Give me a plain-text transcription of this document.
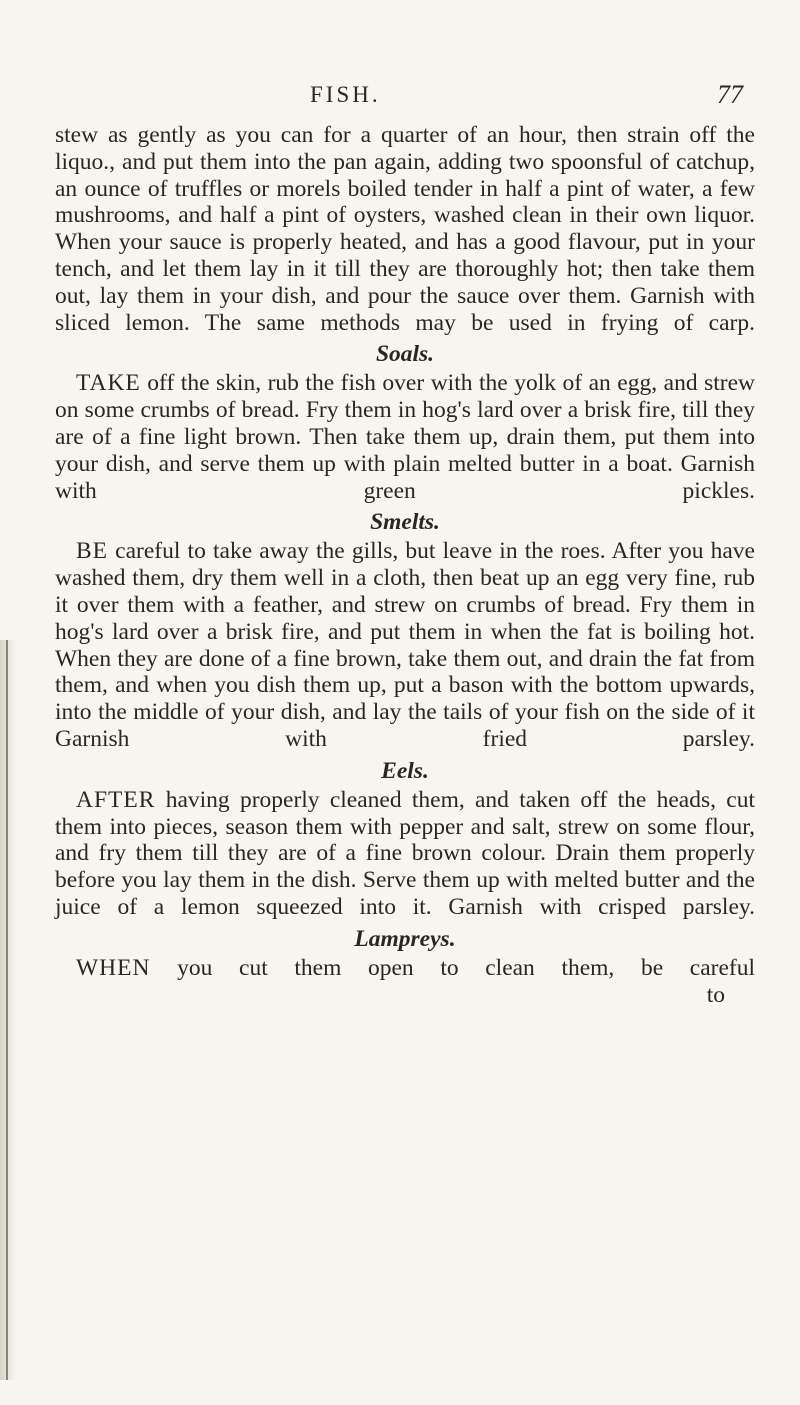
FISH.	77

stew as gently as you can for a quarter of an hour, then strain off the liquo., and put them into the pan again, adding two spoonsful of catchup, an ounce of truffles or morels boiled tender in half a pint of water, a few mushrooms, and half a pint of oysters, washed clean in their own liquor. When your sauce is properly heated, and has a good flavour, put in your tench, and let them lay in it till they are thoroughly hot; then take them out, lay them in your dish, and pour the sauce over them. Garnish with sliced lemon. The same methods may be used in frying of carp.

Soals.

TAKE off the skin, rub the fish over with the yolk of an egg, and strew on some crumbs of bread. Fry them in hog's lard over a brisk fire, till they are of a fine light brown. Then take them up, drain them, put them into your dish, and serve them up with plain melted butter in a boat. Garnish with green pickles.

Smelts.

BE careful to take away the gills, but leave in the roes. After you have washed them, dry them well in a cloth, then beat up an egg very fine, rub it over them with a feather, and strew on crumbs of bread. Fry them in hog's lard over a brisk fire, and put them in when the fat is boiling hot. When they are done of a fine brown, take them out, and drain the fat from them, and when you dish them up, put a bason with the bottom upwards, into the middle of your dish, and lay the tails of your fish on the side of it Garnish with fried parsley.

Eels.

AFTER having properly cleaned them, and taken off the heads, cut them into pieces, season them with pepper and salt, strew on some flour, and fry them till they are of a fine brown colour. Drain them properly before you lay them in the dish. Serve them up with melted butter and the juice of a lemon squeezed into it. Garnish with crisped parsley.

Lampreys.

WHEN you cut them open to clean them, be careful

to
